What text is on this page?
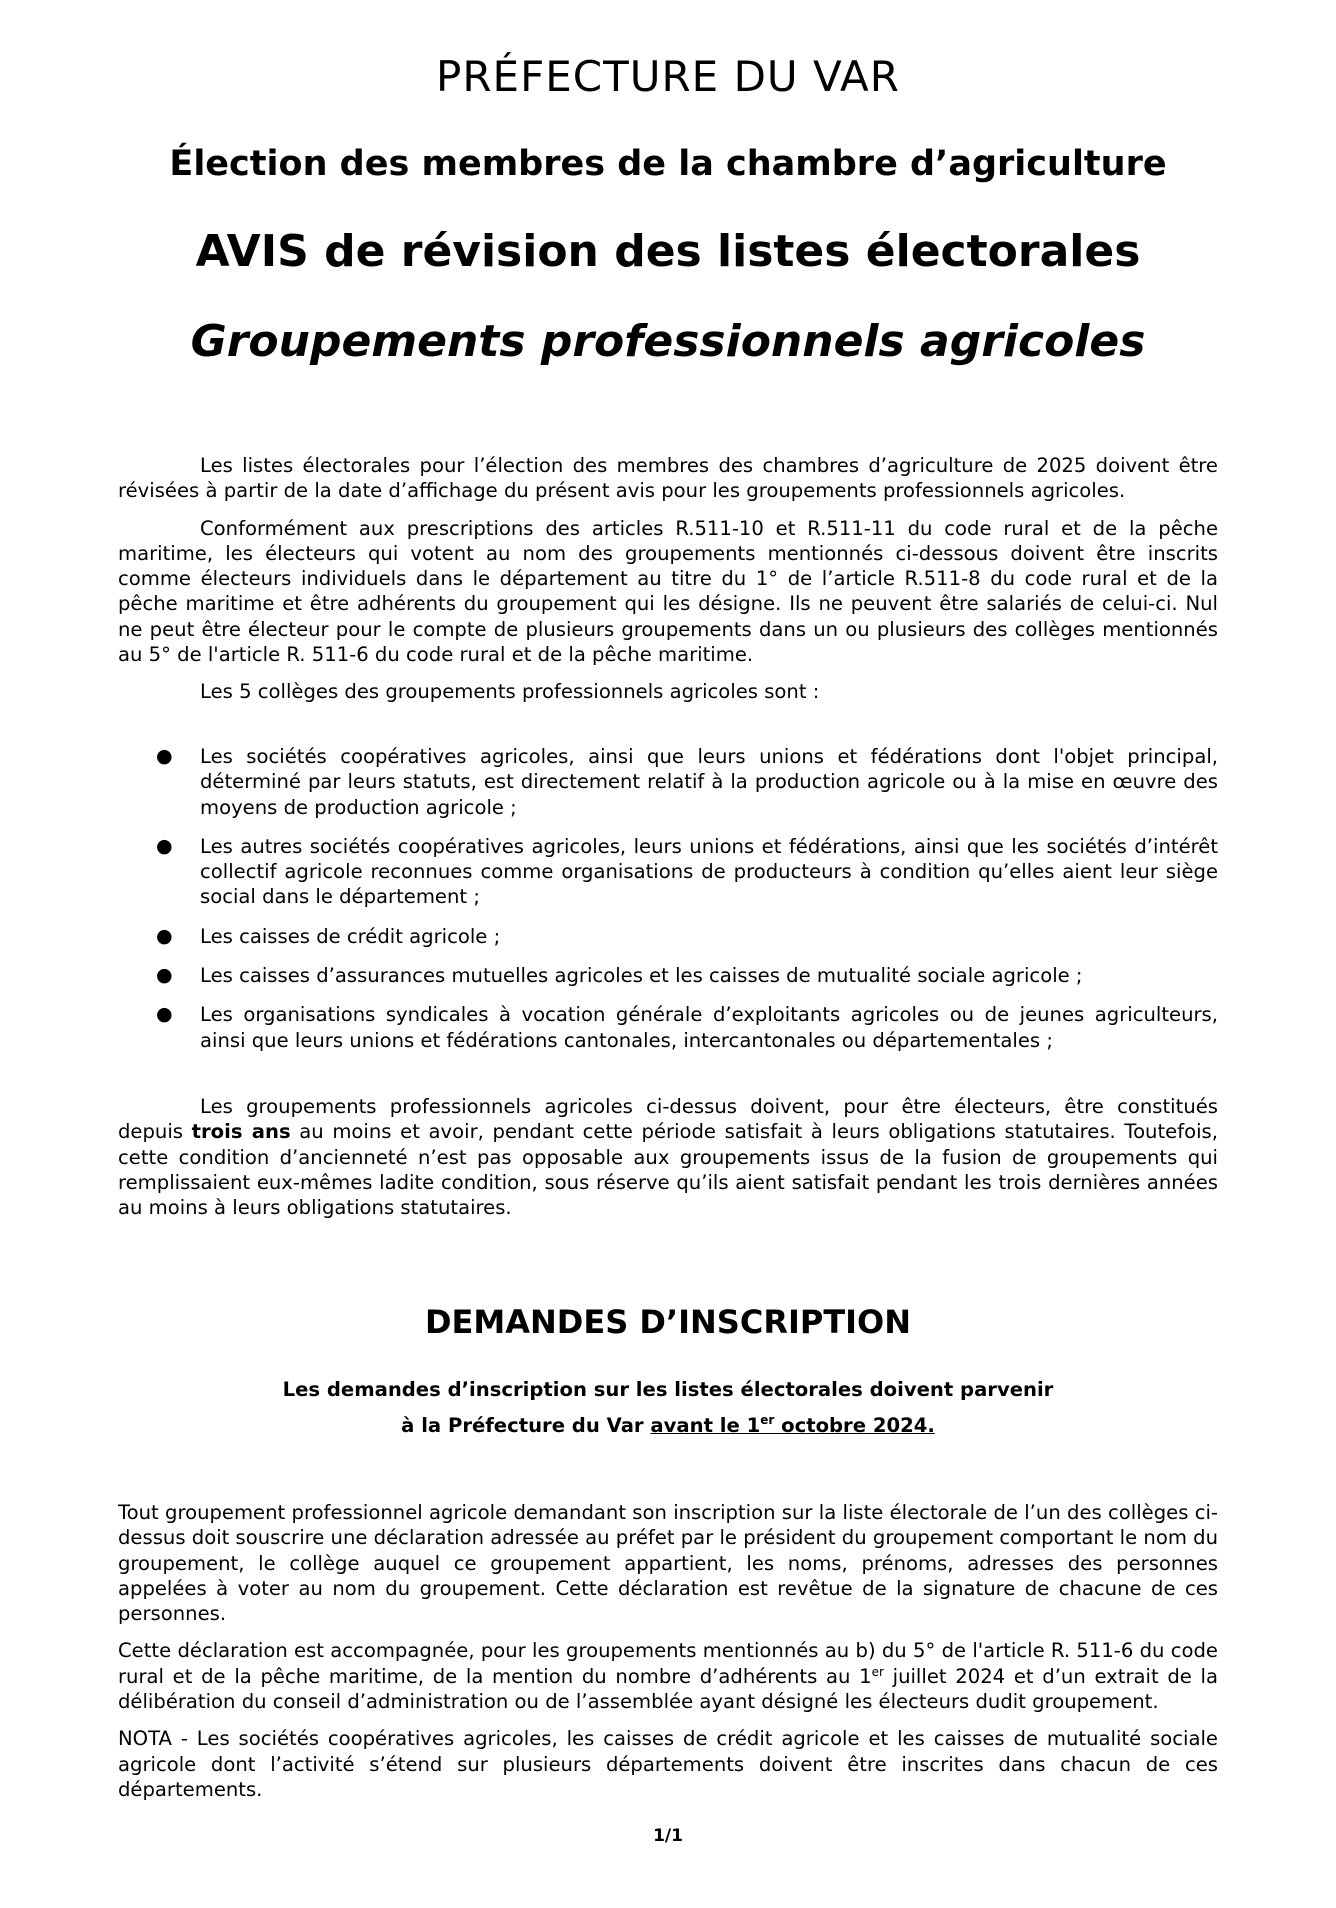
PRÉFECTURE DU VAR
Élection des membres de la chambre d’agriculture
AVIS de révision des listes électorales
Groupements professionnels agricoles

Les listes électorales pour l’élection des membres des chambres d’agriculture de 2025 doivent être révisées à partir de la date d’affichage du présent avis pour les groupements professionnels agricoles.

Conformément aux prescriptions des articles R.511-10 et R.511-11 du code rural et de la pêche maritime, les électeurs qui votent au nom des groupements mentionnés ci-dessous doivent être inscrits comme électeurs individuels dans le département au titre du 1° de l’article R.511-8 du code rural et de la pêche maritime et être adhérents du groupement qui les désigne. Ils ne peuvent être salariés de celui-ci. Nul ne peut être électeur pour le compte de plusieurs groupements dans un ou plusieurs des collèges mentionnés au 5° de l'article R. 511-6 du code rural et de la pêche maritime.

Les 5 collèges des groupements professionnels agricoles sont :

● Les sociétés coopératives agricoles, ainsi que leurs unions et fédérations dont l'objet principal, déterminé par leurs statuts, est directement relatif à la production agricole ou à la mise en œuvre des moyens de production agricole ;
● Les autres sociétés coopératives agricoles, leurs unions et fédérations, ainsi que les sociétés d’intérêt collectif agricole reconnues comme organisations de producteurs à condition qu’elles aient leur siège social dans le département ;
● Les caisses de crédit agricole ;
● Les caisses d’assurances mutuelles agricoles et les caisses de mutualité sociale agricole ;
● Les organisations syndicales à vocation générale d’exploitants agricoles ou de jeunes agriculteurs, ainsi que leurs unions et fédérations cantonales, intercantonales ou départementales ;

Les groupements professionnels agricoles ci-dessus doivent, pour être électeurs, être constitués depuis trois ans au moins et avoir, pendant cette période satisfait à leurs obligations statutaires. Toutefois, cette condition d’ancienneté n’est pas opposable aux groupements issus de la fusion de groupements qui remplissaient eux-mêmes ladite condition, sous réserve qu’ils aient satisfait pendant les trois dernières années au moins à leurs obligations statutaires.

DEMANDES D’INSCRIPTION
Les demandes d’inscription sur les listes électorales doivent parvenir
à la Préfecture du Var avant le 1er octobre 2024.

Tout groupement professionnel agricole demandant son inscription sur la liste électorale de l’un des collèges ci-dessus doit souscrire une déclaration adressée au préfet par le président du groupement comportant le nom du groupement, le collège auquel ce groupement appartient, les noms, prénoms, adresses des personnes appelées à voter au nom du groupement. Cette déclaration est revêtue de la signature de chacune de ces personnes.

Cette déclaration est accompagnée, pour les groupements mentionnés au b) du 5° de l'article R. 511-6 du code rural et de la pêche maritime, de la mention du nombre d’adhérents au 1er juillet 2024 et d’un extrait de la délibération du conseil d’administration ou de l’assemblée ayant désigné les électeurs dudit groupement.

NOTA - Les sociétés coopératives agricoles, les caisses de crédit agricole et les caisses de mutualité sociale agricole dont l’activité s’étend sur plusieurs départements doivent être inscrites dans chacun de ces départements.

1/1
